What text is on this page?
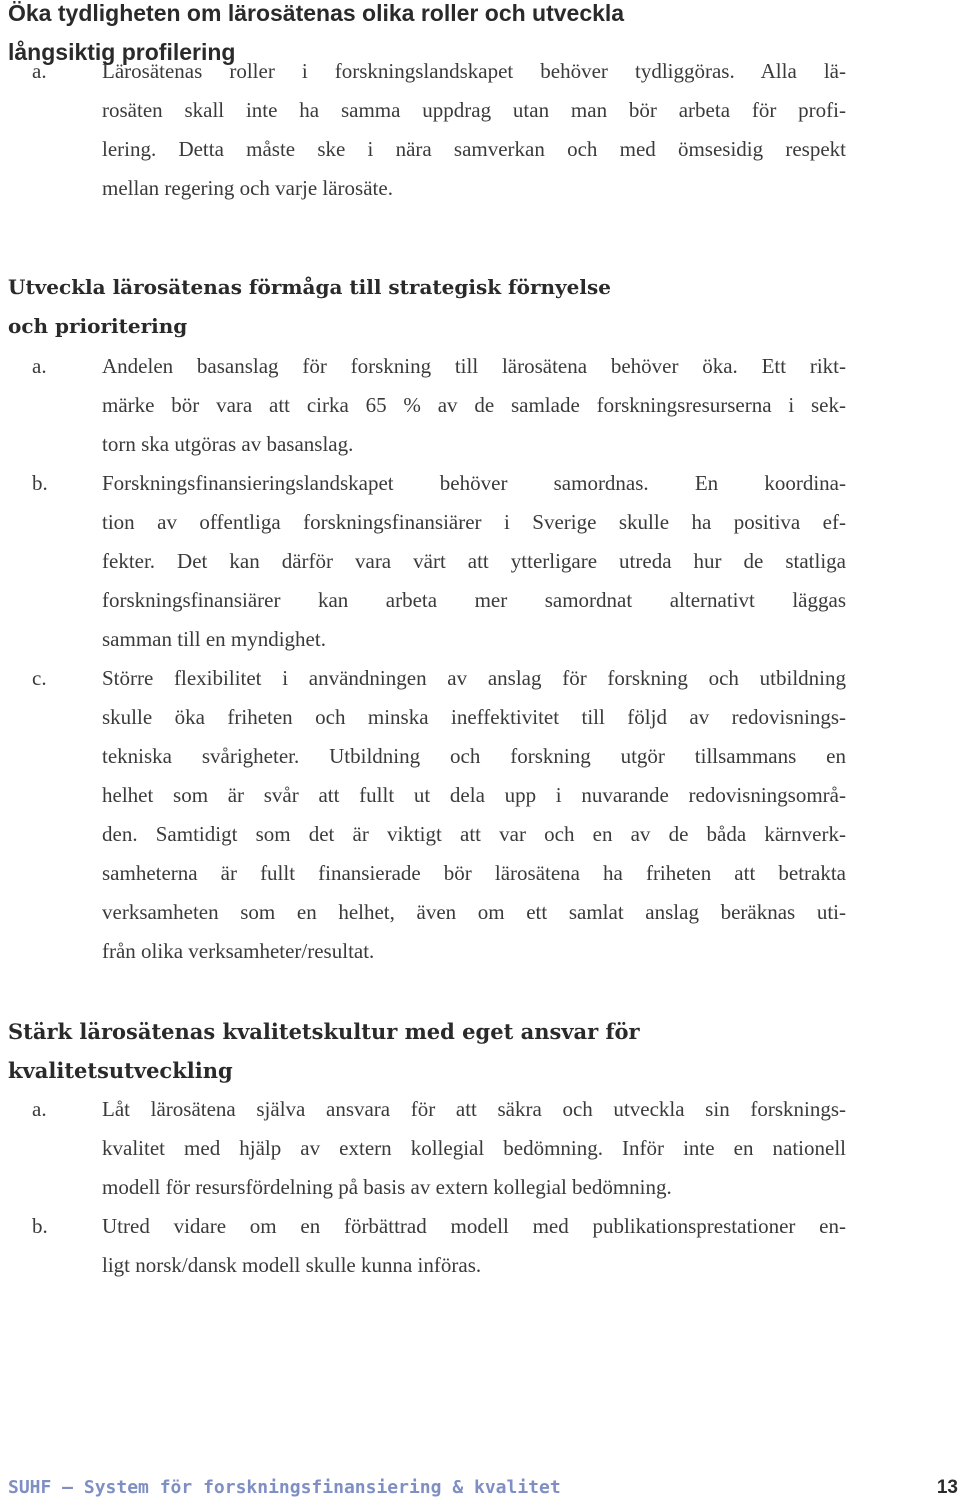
Öka tydligheten om lärosätenas olika roller och utveckla
långsiktig profilering
a.	Lärosätenas roller i forskningslandskapet behöver tydliggöras. Alla lä-
rosäten skall inte ha samma uppdrag utan man bör arbeta för profi-
lering. Detta måste ske i nära samverkan och med ömsesidig respekt
mellan regering och varje lärosäte.
Utveckla lärosätenas förmåga till strategisk förnyelse
och prioritering
a.	Andelen basanslag för forskning till lärosätena behöver öka. Ett rikt-
märke bör vara att cirka 65 % av de samlade forskningsresurserna i sek-
torn ska utgöras av basanslag.
b.	Forskningsfinansieringslandskapet behöver samordnas. En koordina-
tion av offentliga forskningsfinansiärer i Sverige skulle ha positiva ef-
fekter. Det kan därför vara värt att ytterligare utreda hur de statliga
forskningsfinansiärer kan arbeta mer samordnat alternativt läggas
samman till en myndighet.
c.	Större flexibilitet i användningen av anslag för forskning och utbildning
skulle öka friheten och minska ineffektivitet till följd av redovisnings-
tekniska svårigheter. Utbildning och forskning utgör tillsammans en
helhet som är svår att fullt ut dela upp i nuvarande redovisningsområ-
den. Samtidigt som det är viktigt att var och en av de båda kärnverk-
samheterna är fullt finansierade bör lärosätena ha friheten att betrakta
verksamheten som en helhet, även om ett samlat anslag beräknas uti-
från olika verksamheter/resultat.
Stärk lärosätenas kvalitetskultur med eget ansvar för
kvalitetsutveckling
a.	Låt lärosätena själva ansvara för att säkra och utveckla sin forsknings-
kvalitet med hjälp av extern kollegial bedömning. Inför inte en nationell
modell för resursfördelning på basis av extern kollegial bedömning.
b.	Utred vidare om en förbättrad modell med publikationsprestationer en-
ligt norsk/dansk modell skulle kunna införas.
SUHF – System för forskningsfinansiering & kvalitet	13
